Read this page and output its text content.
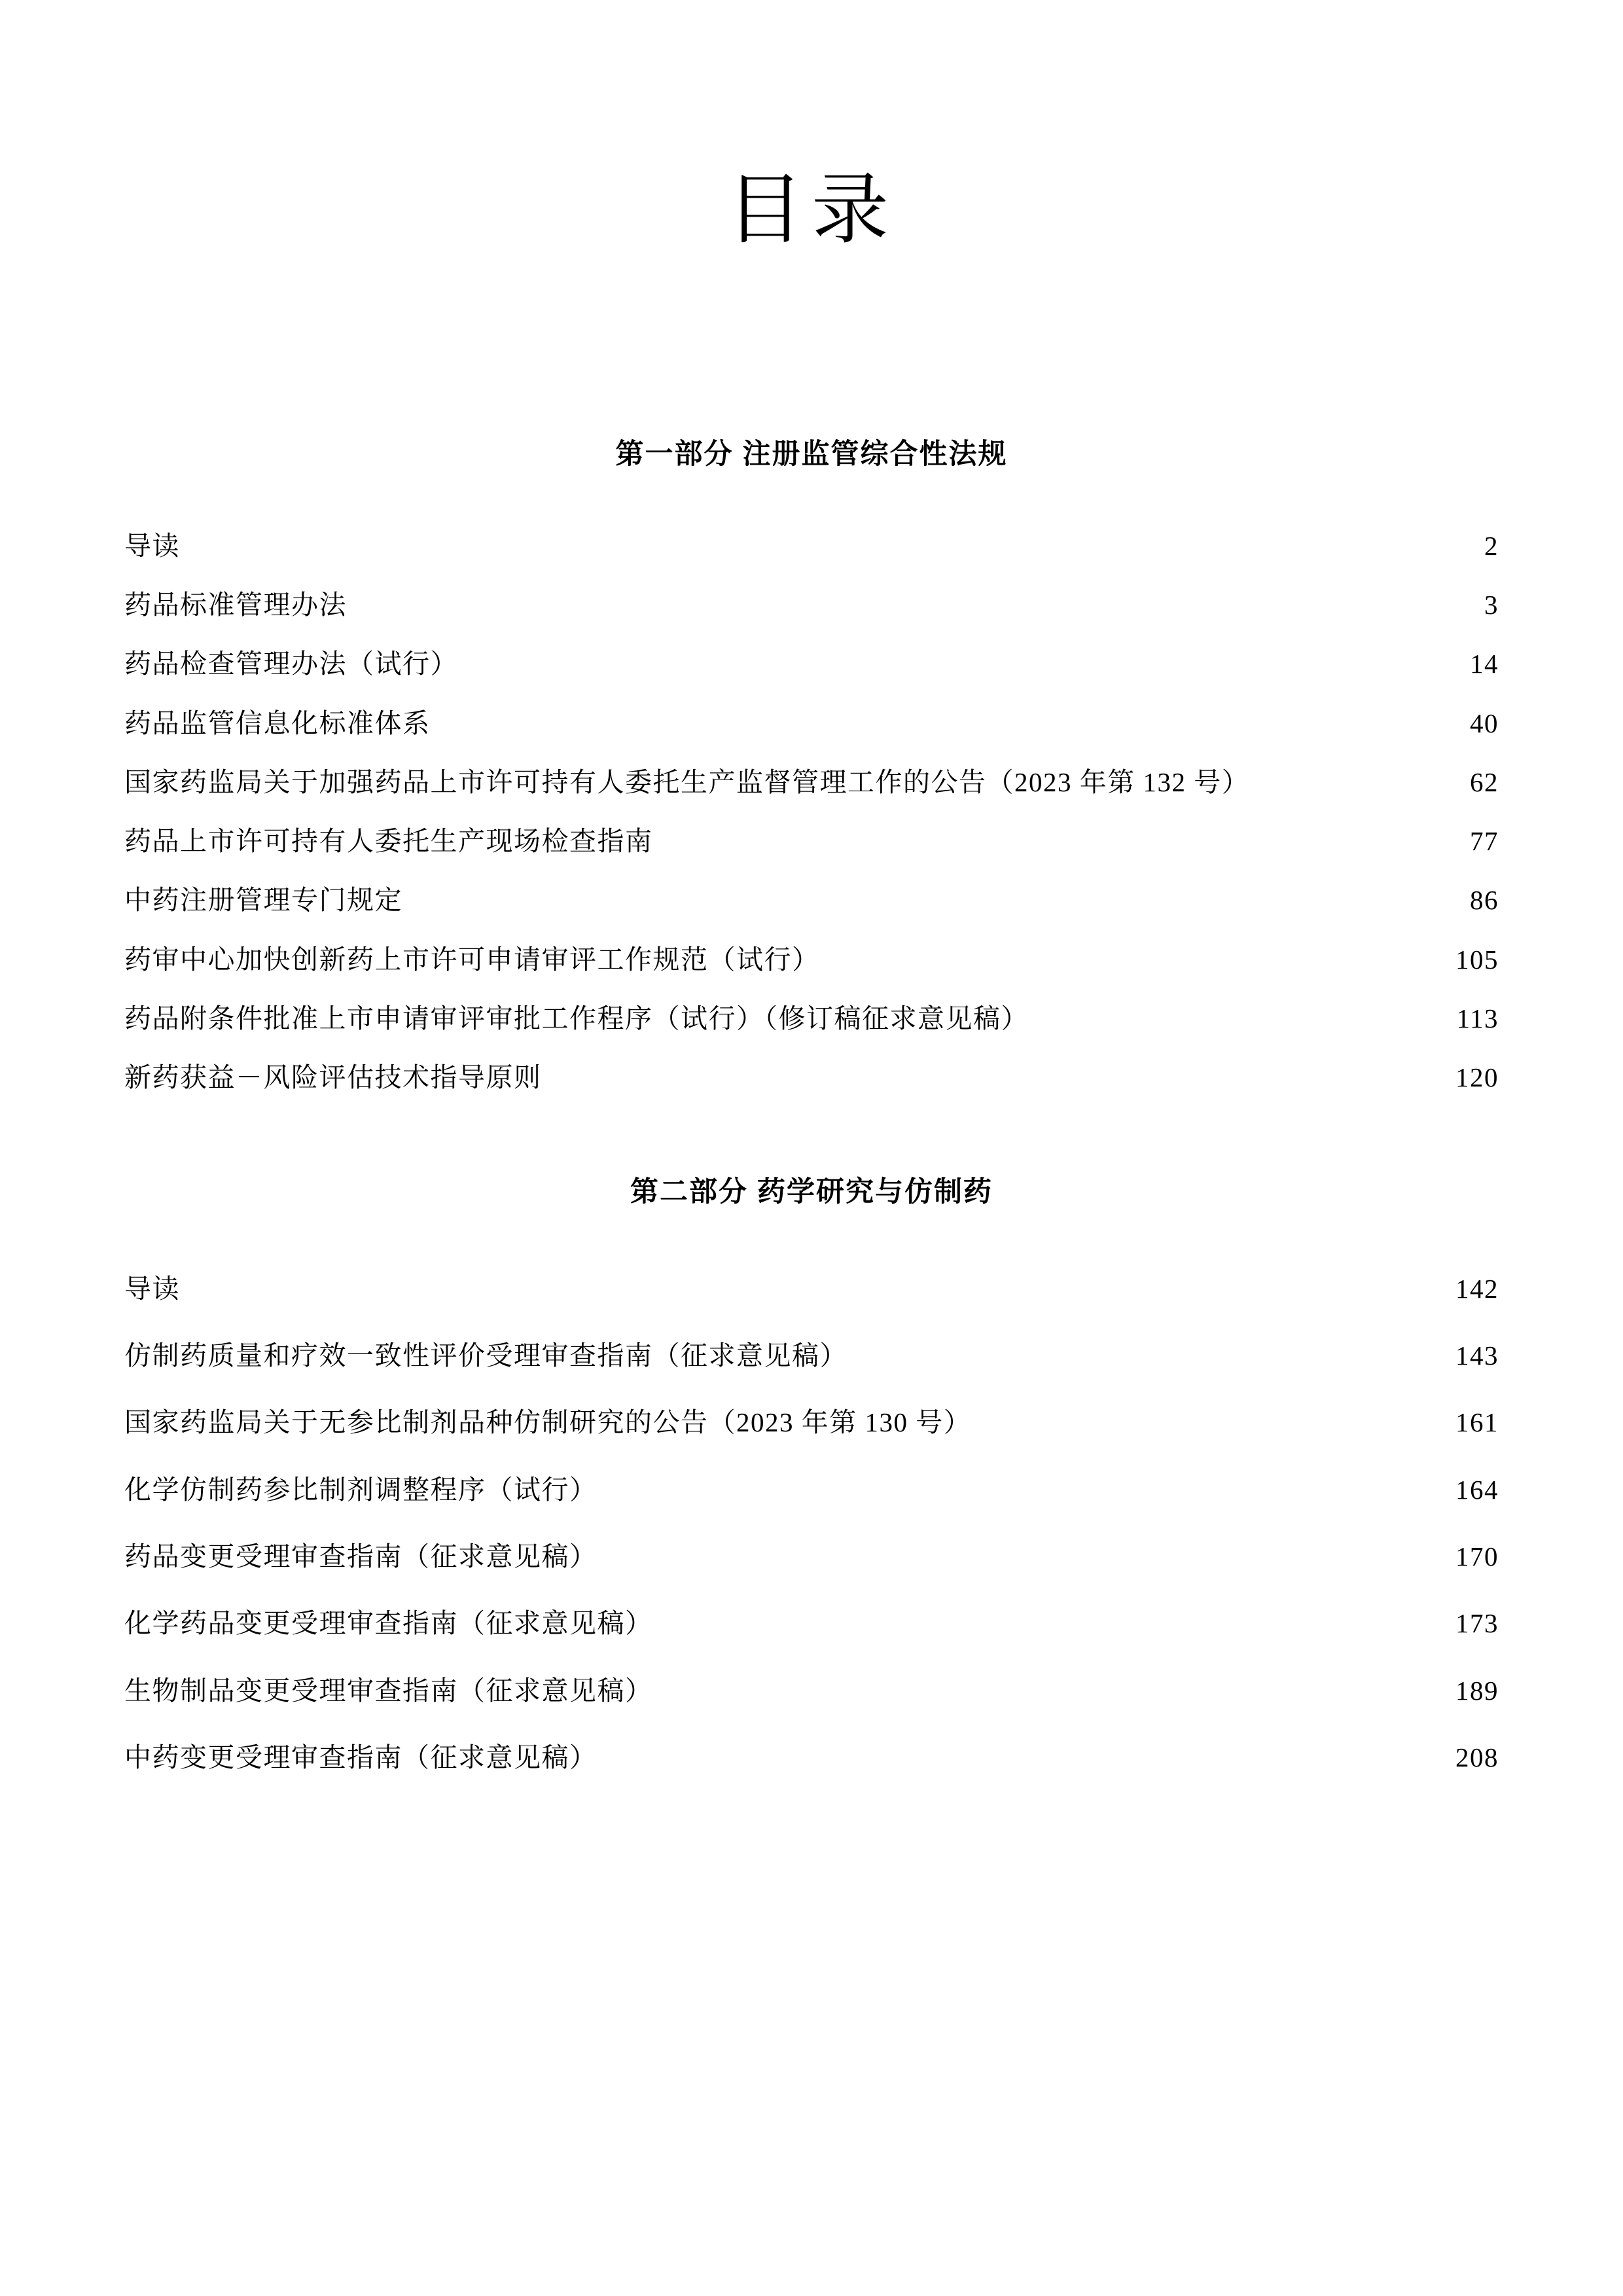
目录
第一部分 注册监管综合性法规
导读	2
药品标准管理办法	3
药品检查管理办法（试行）	14
药品监管信息化标准体系	40
国家药监局关于加强药品上市许可持有人委托生产监督管理工作的公告（2023 年第 132 号）	62
药品上市许可持有人委托生产现场检查指南	77
中药注册管理专门规定	86
药审中心加快创新药上市许可申请审评工作规范（试行）	105
药品附条件批准上市申请审评审批工作程序（试行）（修订稿征求意见稿）	113
新药获益－风险评估技术指导原则	120
第二部分 药学研究与仿制药
导读	142
仿制药质量和疗效一致性评价受理审查指南（征求意见稿）	143
国家药监局关于无参比制剂品种仿制研究的公告（2023 年第 130 号）	161
化学仿制药参比制剂调整程序（试行）	164
药品变更受理审查指南（征求意见稿）	170
化学药品变更受理审查指南（征求意见稿）	173
生物制品变更受理审查指南（征求意见稿）	189
中药变更受理审查指南（征求意见稿）	208
